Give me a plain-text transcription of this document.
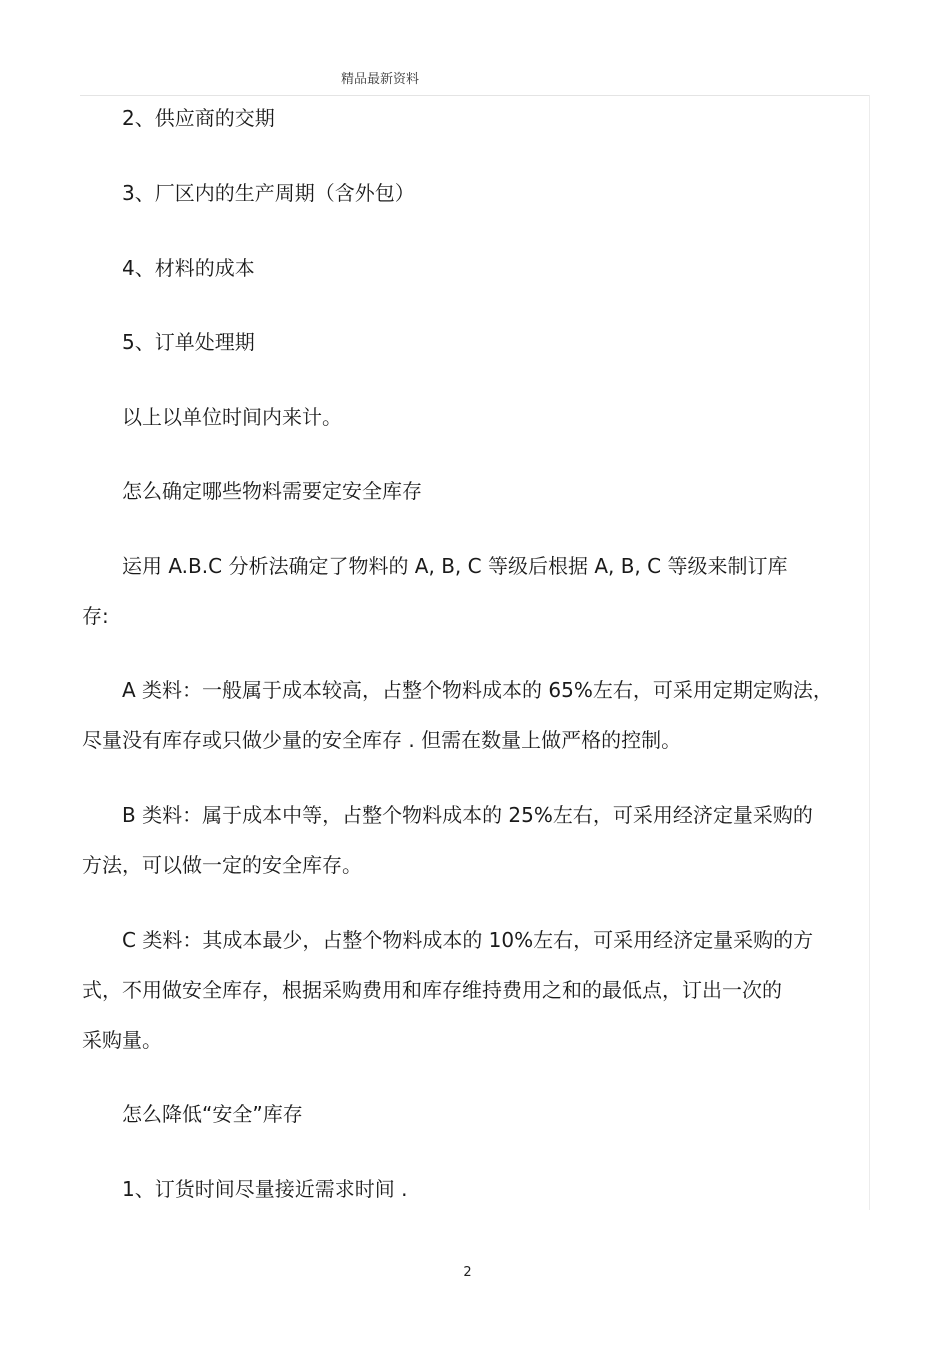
精品最新资料

2、供应商的交期

3、厂区内的生产周期（含外包）

4、材料的成本

5、订单处理期

以上以单位时间内来计。

怎么确定哪些物料需要定安全库存

运用 A.B.C 分析法确定了物料的 A, B, C 等级后根据 A, B, C 等级来制订库
存:
A 类料：一般属于成本较高，占整个物料成本的 65%左右，可采用定期定购法，
尽量没有库存或只做少量的安全库存 . 但需在数量上做严格的控制。
B 类料：属于成本中等，占整个物料成本的 25%左右，可采用经济定量采购的
方法，可以做一定的安全库存。
C 类料：其成本最少，占整个物料成本的 10%左右，可采用经济定量采购的方
式，不用做安全库存，根据采购费用和库存维持费用之和的最低点，订出一次的
采购量。

怎么降低“安全”库存

1、订货时间尽量接近需求时间 .

2
